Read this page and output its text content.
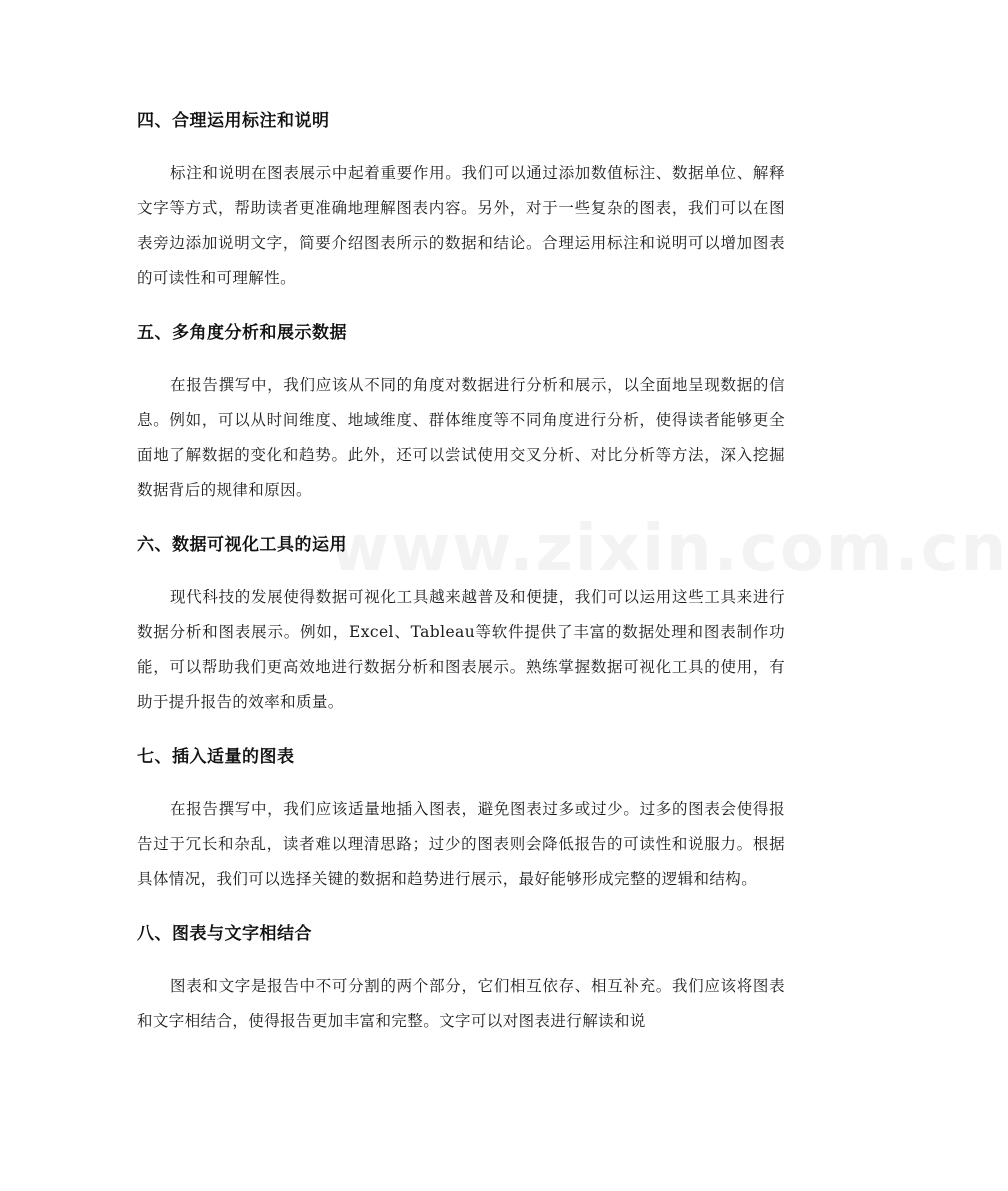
www.zixin.com.cn
四、合理运用标注和说明

标注和说明在图表展示中起着重要作用。我们可以通过添加数值标注、数据单位、解释文字等方式，帮助读者更准确地理解图表内容。另外，对于一些复杂的图表，我们可以在图表旁边添加说明文字，简要介绍图表所示的数据和结论。合理运用标注和说明可以增加图表的可读性和可理解性。

五、多角度分析和展示数据

在报告撰写中，我们应该从不同的角度对数据进行分析和展示，以全面地呈现数据的信息。例如，可以从时间维度、地域维度、群体维度等不同角度进行分析，使得读者能够更全面地了解数据的变化和趋势。此外，还可以尝试使用交叉分析、对比分析等方法，深入挖掘数据背后的规律和原因。

六、数据可视化工具的运用

现代科技的发展使得数据可视化工具越来越普及和便捷，我们可以运用这些工具来进行数据分析和图表展示。例如，Excel、Tableau等软件提供了丰富的数据处理和图表制作功能，可以帮助我们更高效地进行数据分析和图表展示。熟练掌握数据可视化工具的使用，有助于提升报告的效率和质量。

七、插入适量的图表

在报告撰写中，我们应该适量地插入图表，避免图表过多或过少。过多的图表会使得报告过于冗长和杂乱，读者难以理清思路；过少的图表则会降低报告的可读性和说服力。根据具体情况，我们可以选择关键的数据和趋势进行展示，最好能够形成完整的逻辑和结构。

八、图表与文字相结合

图表和文字是报告中不可分割的两个部分，它们相互依存、相互补充。我们应该将图表和文字相结合，使得报告更加丰富和完整。文字可以对图表进行解读和说
